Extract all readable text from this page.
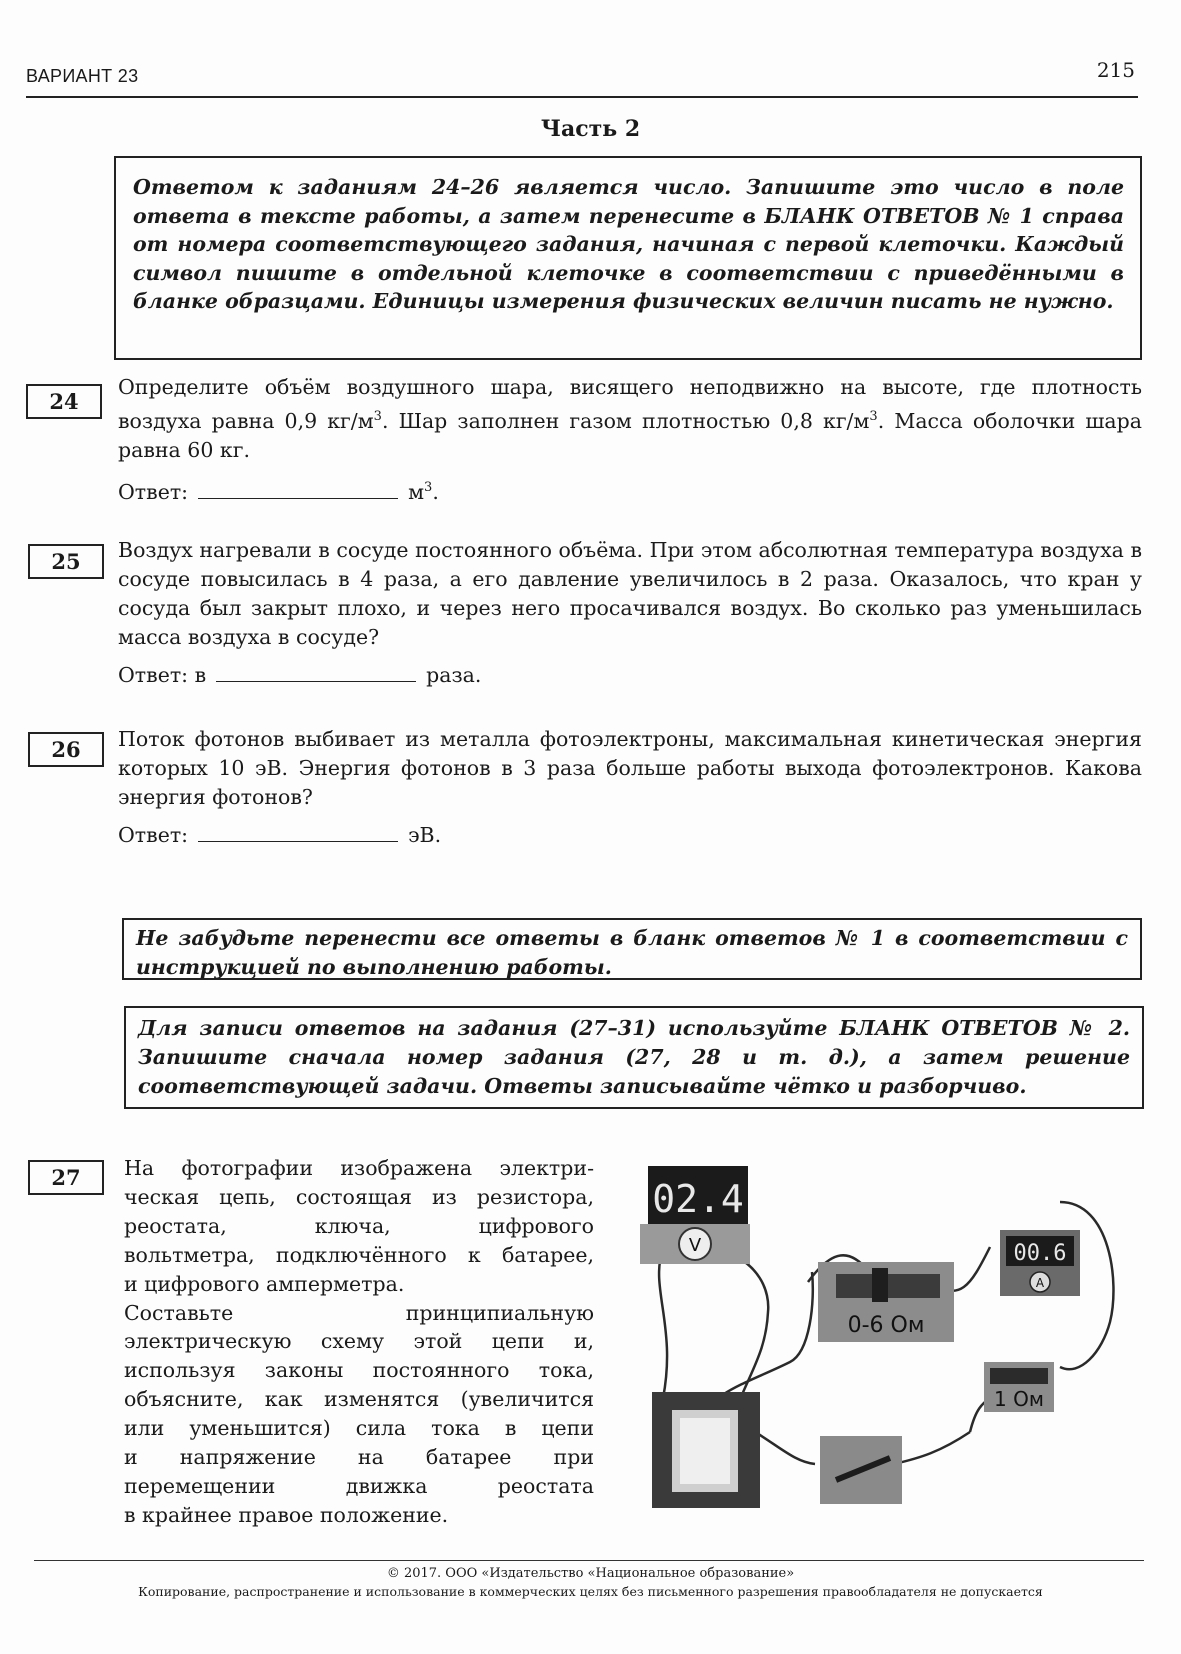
ВАРИАНТ 23	215
Часть 2
Ответом к заданиям 24–26 является число. Запишите это число в поле ответа в тексте работы, а затем перенесите в БЛАНК ОТВЕТОВ № 1 справа от номера соответствующего задания, начиная с первой клеточки. Каждый символ пишите в отдельной клеточке в соответствии с приведёнными в бланке образцами. Единицы измерения физических величин писать не нужно.
24
Определите объём воздушного шара, висящего неподвижно на высоте, где плотность воздуха равна 0,9 $кг/м^3$. Шар заполнен газом плотностью 0,8 $кг/м^3$. Масса оболочки шара равна 60 кг.
Ответ:	$м^3$.
25	Воздух нагревали в сосуде постоянного объёма. При этом абсолютная температура воздуха в сосуде повысилась в 4 раза, а его давление увеличилось в 2 раза. Оказалось, что кран у сосуда был закрыт плохо, и через него просачивался воздух. Во сколько раз уменьшилась масса воздуха в сосуде?
Ответ: в	раза.
26	Поток фотонов выбивает из металла фотоэлектроны, максимальная кинетическая энергия которых 10 эВ. Энергия фотонов в 3 раза больше работы выхода фотоэлектронов. Какова энергия фотонов?
Ответ:	эВ.
Не забудьте перенести все ответы в бланк ответов № 1 в соответствии с инструкцией по выполнению работы.
Для записи ответов на задания (27–31) используйте БЛАНК ОТВЕТОВ № 2. Запишите сначала номер задания (27, 28 и т. д.), а затем решение соответствующей задачи. Ответы записывайте чётко и разборчиво.
27	На фотографии изображена электри-
ческая цепь, состоящая из резистора,
реостата, ключа, цифрового
вольтметра, подключённого к батарее,
и цифрового амперметра.
Составьте принципиальную
электрическую схему этой цепи и,
используя законы постоянного тока,
объясните, как изменятся (увеличится
или уменьшится) сила тока в цепи
и напряжение на батарее при
перемещении движка реостата
в крайнее правое положение.
02.4
V
0-6 Ом
00.6
A
1 Ом
© 2017. ООО «Издательство «Национальное образование»
Копирование, распространение и использование в коммерческих целях без письменного разрешения правообладателя не допускается
